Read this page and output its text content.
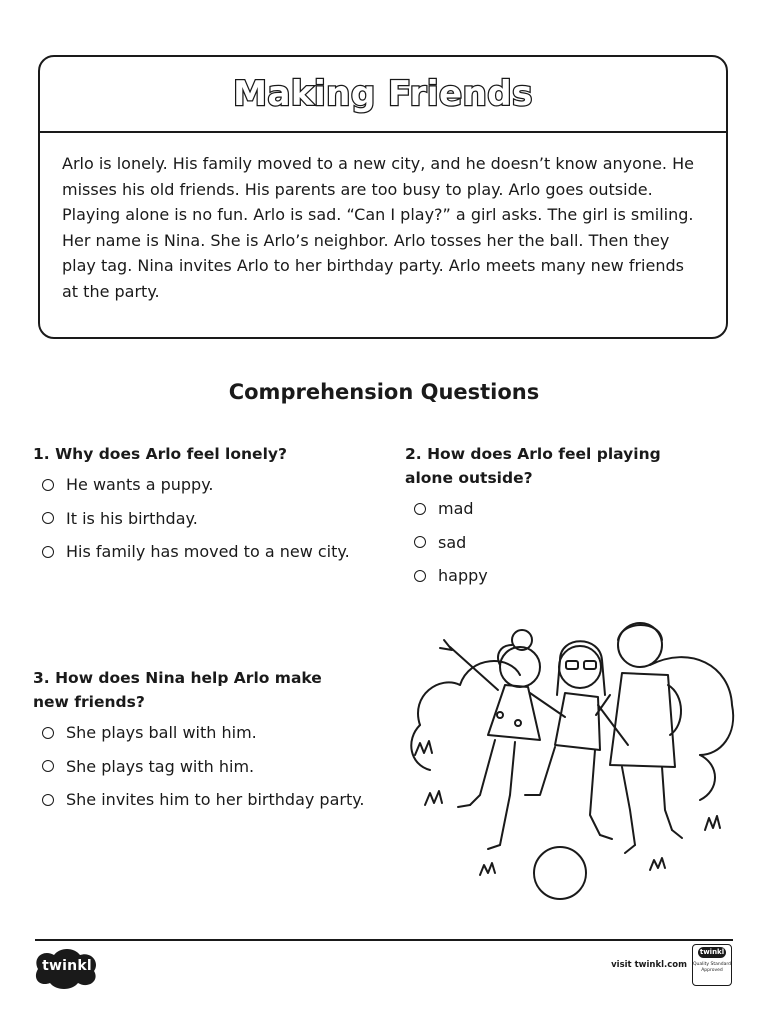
Making Friends

Arlo is lonely. His family moved to a new city, and he doesn’t know anyone. He misses his old friends. His parents are too busy to play. Arlo goes outside. Playing alone is no fun. Arlo is sad. “Can I play?” a girl asks. The girl is smiling. Her name is Nina. She is Arlo’s neighbor. Arlo tosses her the ball. Then they play tag. Nina invites Arlo to her birthday party. Arlo meets many new friends at the party.

Comprehension Questions

1. Why does Arlo feel lonely?

He wants a puppy.
It is his birthday.
His family has moved to a new city.

2. How does Arlo feel playing alone outside?

mad
sad
happy

3. How does Nina help Arlo make new friends?

She plays ball with him.
She plays tag with him.
She invites him to her birthday party.
twinkl	visit twinkl.com
twinkl
Quality Standard Approved
